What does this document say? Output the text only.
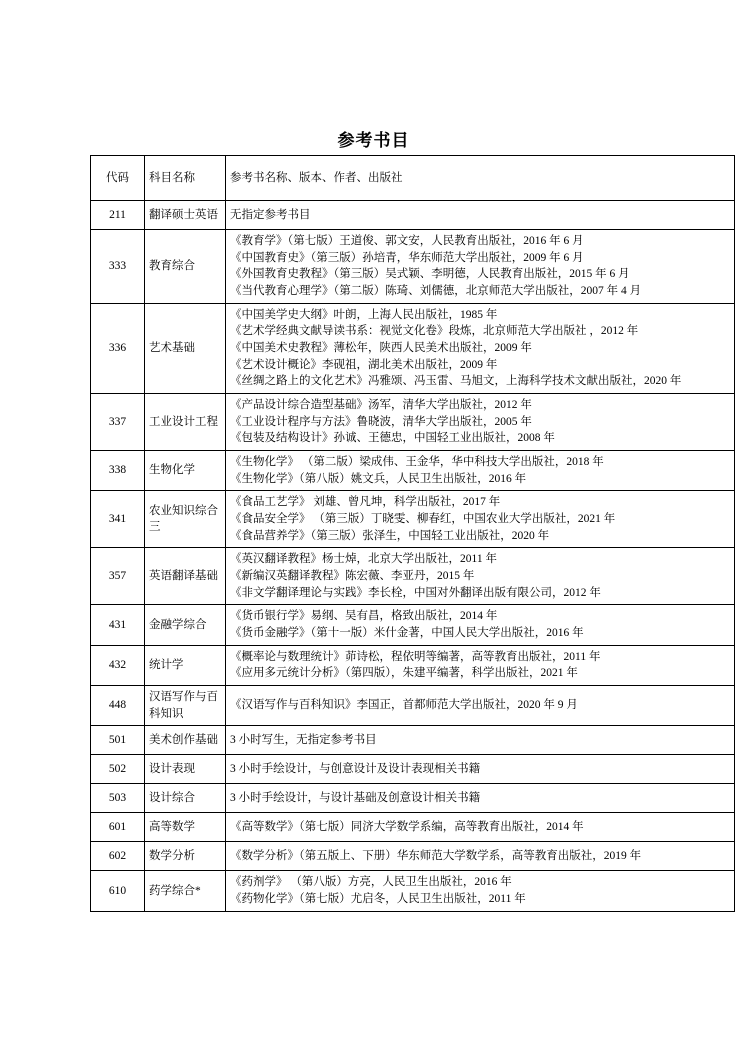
参考书目
代码	科目名称	参考书名称、版本、作者、出版社
211	翻译硕士英语	无指定参考书目

333	教育综合	《教育学》（第七版）王道俊、郭文安，人民教育出版社，2016 年 6 月
《中国教育史》（第三版）孙培青，华东师范大学出版社，2009 年 6 月
《外国教育史教程》（第三版）吴式颖、李明德，人民教育出版社，2015 年 6 月
《当代教育心理学》（第二版）陈琦、刘儒德，北京师范大学出版社，2007 年 4 月

336	艺术基础	《中国美学史大纲》叶朗，上海人民出版社，1985 年
《艺术学经典文献导读书系：视觉文化卷》段炼，北京师范大学出版社 ，2012 年
《中国美术史教程》薄松年，陕西人民美术出版社，2009 年
《艺术设计概论》李砚祖，湖北美术出版社，2009 年
《丝绸之路上的文化艺术》冯雅颂、冯玉雷、马旭文，上海科学技术文献出版社，2020 年

337	工业设计工程	《产品设计综合造型基础》汤军，清华大学出版社，2012 年
《工业设计程序与方法》鲁晓波，清华大学出版社，2005 年
《包装及结构设计》孙诚、王德忠，中国轻工业出版社，2008 年

338	生物化学	《生物化学》 （第二版）梁成伟、王金华，华中科技大学出版社，2018 年
《生物化学》（第八版）姚文兵，人民卫生出版社，2016 年

341	农业知识综合三	《食品工艺学》 刘雄、曾凡坤，科学出版社，2017 年
《食品安全学》 （第三版）丁晓雯、柳春红，中国农业大学出版社，2021 年
《食品营养学》（第三版）张泽生，中国轻工业出版社，2020 年

357	英语翻译基础	《英汉翻译教程》杨士焯，北京大学出版社，2011 年
《新编汉英翻译教程》陈宏薇、李亚丹，2015 年
《非文学翻译理论与实践》李长栓，中国对外翻译出版有限公司，2012 年

431	金融学综合	《货币银行学》易纲、吴有昌，格致出版社，2014 年
《货币金融学》（第十一版）米什金著，中国人民大学出版社，2016 年

432	统计学	《概率论与数理统计》茆诗松，程依明等编著，高等教育出版社，2011 年
《应用多元统计分析》（第四版），朱建平编著，科学出版社，2021 年

448	汉语写作与百科知识	《汉语写作与百科知识》李国正，首都师范大学出版社，2020 年 9 月

501	美术创作基础	3 小时写生，无指定参考书目

502	设计表现	3 小时手绘设计，与创意设计及设计表现相关书籍

503	设计综合	3 小时手绘设计，与设计基础及创意设计相关书籍

601	高等数学	《高等数学》（第七版）同济大学数学系编，高等教育出版社，2014 年

602	数学分析	《数学分析》（第五版上、下册）华东师范大学数学系，高等教育出版社，2019 年

610	药学综合*	《药剂学》 （第八版）方亮，人民卫生出版社，2016 年
《药物化学》（第七版）尤启冬，人民卫生出版社，2011 年
